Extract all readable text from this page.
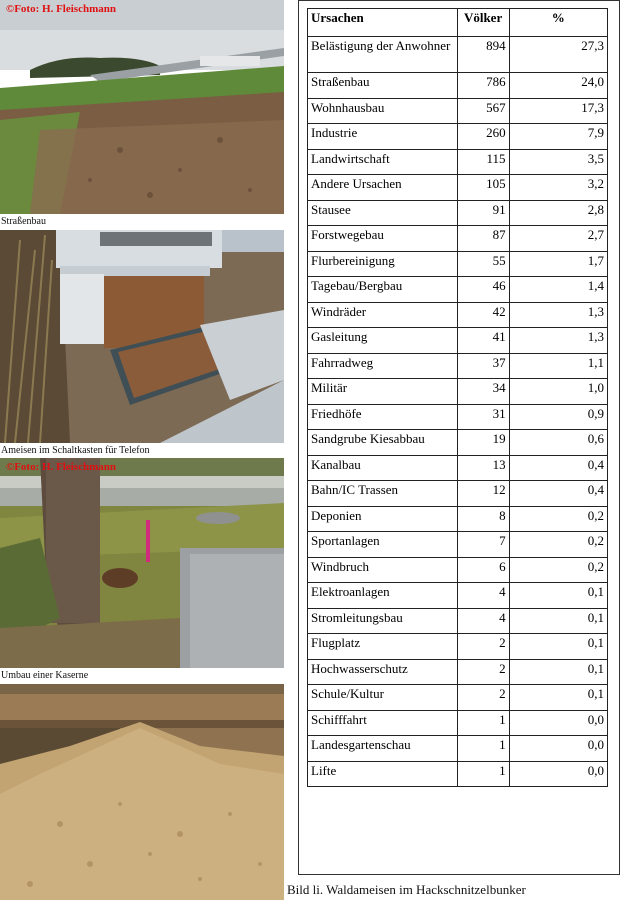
©Foto: H. Fleischmann
Straßenbau
Ameisen im Schaltkasten für Telefon
©Foto: H. Fleischmann
Umbau einer Kaserne
Ursachen	Völker	%
Belästigung der Anwohner	894	27,3
Straßenbau	786	24,0
Wohnhausbau	567	17,3
Industrie	260	7,9
Landwirtschaft	115	3,5
Andere Ursachen	105	3,2
Stausee	91	2,8
Forstwegebau	87	2,7
Flurbereinigung	55	1,7
Tagebau/Bergbau	46	1,4
Windräder	42	1,3
Gasleitung	41	1,3
Fahrradweg	37	1,1
Militär	34	1,0
Friedhöfe	31	0,9
Sandgrube Kiesabbau	19	0,6
Kanalbau	13	0,4
Bahn/IC Trassen	12	0,4
Deponien	8	0,2
Sportanlagen	7	0,2
Windbruch	6	0,2
Elektroanlagen	4	0,1
Stromleitungsbau	4	0,1
Flugplatz	2	0,1
Hochwasserschutz	2	0,1
Schule/Kultur	2	0,1
Schifffahrt	1	0,0
Landesgartenschau	1	0,0
Lifte	1	0,0
Bild li. Waldameisen im Hackschnitzelbunker
